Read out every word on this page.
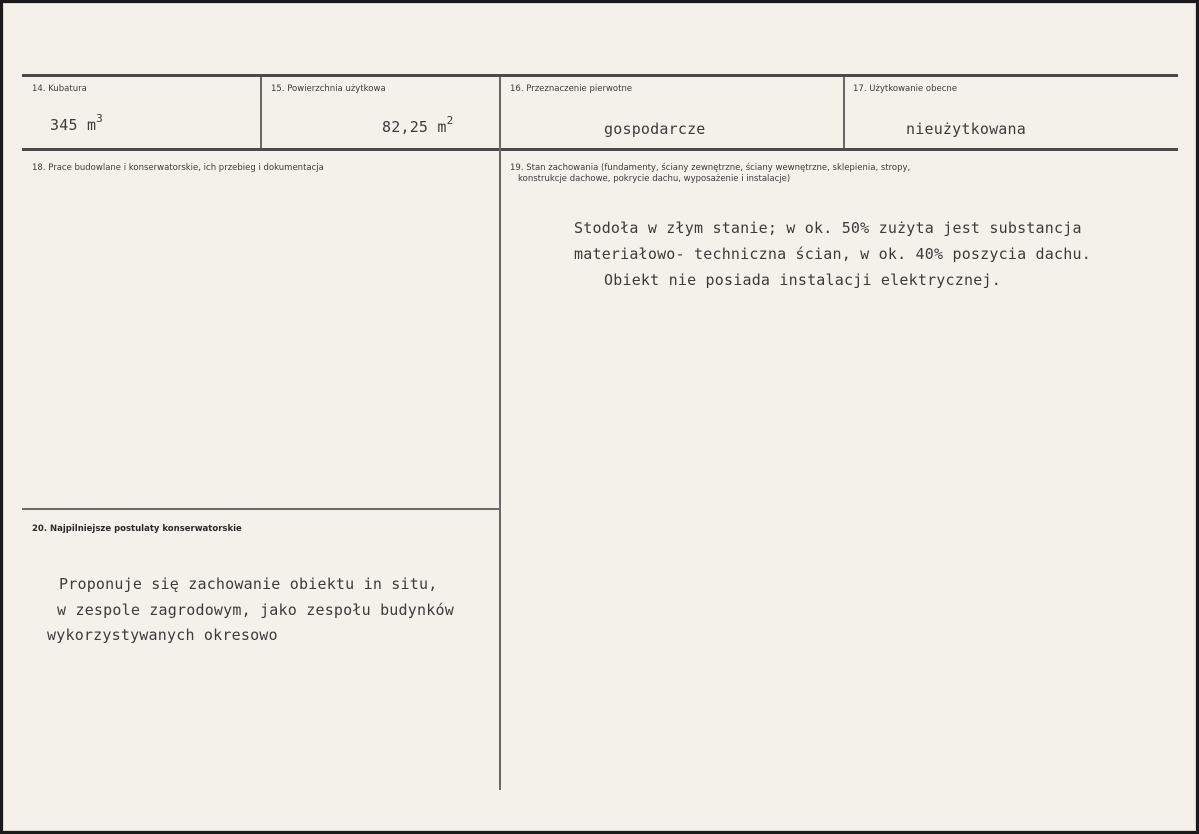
14. Kubatura	15. Powierzchnia użytkowa	16. Przeznaczenie pierwotne	17. Użytkowanie obecne
345 $m^3$	82,25 $m^2$	gospodarcze	nieużytkowana
18. Prace budowlane i konserwatorskie, ich przebieg i dokumentacja	19. Stan zachowania (fundamenty, ściany zewnętrzne, ściany wewnętrzne, sklepienia, stropy,
konstrukcje dachowe, pokrycie dachu, wyposażenie i instalacje)
Stodoła w złym stanie; w ok. 50% zużyta jest substancja
materiałowo- techniczna ścian, w ok. 40% poszycia dachu.
Obiekt nie posiada instalacji elektrycznej.
20. Najpilniejsze postulaty konserwatorskie
Proponuje się zachowanie obiektu in situ,
w zespole zagrodowym, jako zespołu budynków
wykorzystywanych okresowo
